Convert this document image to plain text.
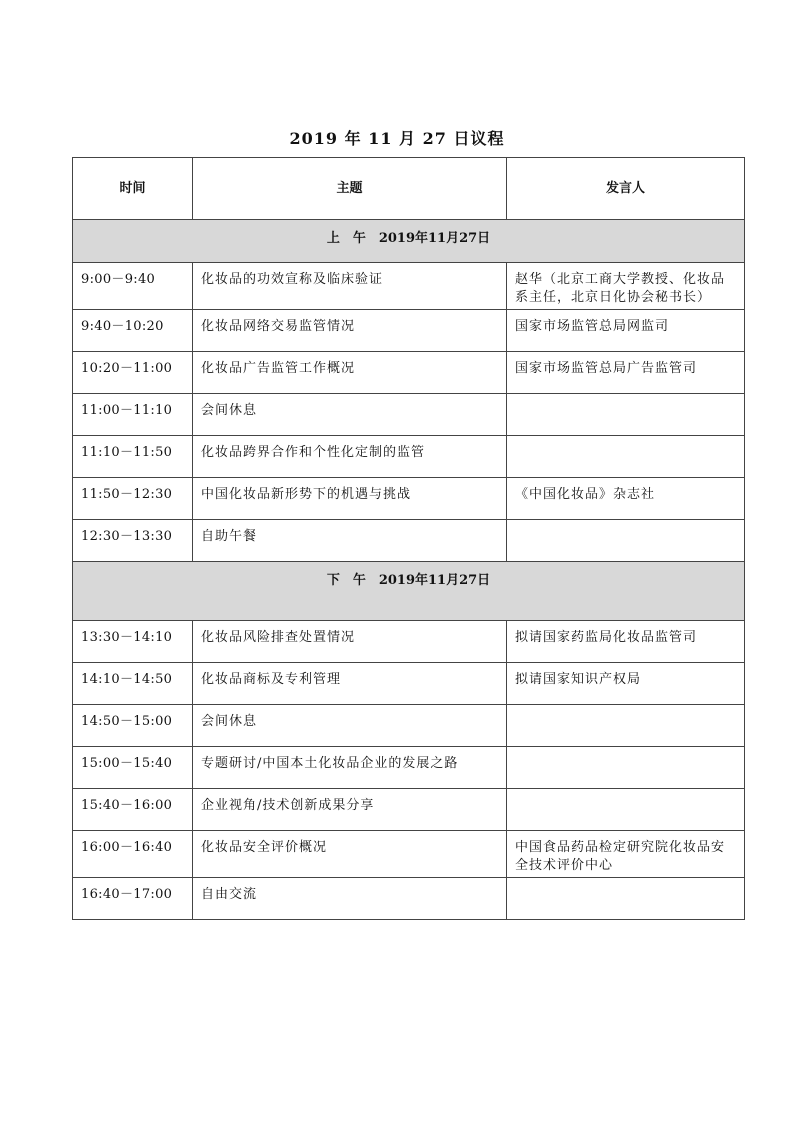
2019 年 11 月 27 日议程
时间	主题	发言人
上　午　2019年11月27日		
9:00－9:40	化妆品的功效宣称及临床验证	赵华（北京工商大学教授、化妆品系主任，北京日化协会秘书长）
9:40－10:20	化妆品网络交易监管情况	国家市场监管总局网监司
10:20－11:00	化妆品广告监管工作概况	国家市场监管总局广告监管司
11:00－11:10	会间休息	
11:10－11:50	化妆品跨界合作和个性化定制的监管	
11:50－12:30	中国化妆品新形势下的机遇与挑战	《中国化妆品》杂志社
12:30－13:30	自助午餐	
下　午　2019年11月27日		
13:30－14:10	化妆品风险排查处置情况	拟请国家药监局化妆品监管司
14:10－14:50	化妆品商标及专利管理	拟请国家知识产权局
14:50－15:00	会间休息	
15:00－15:40	专题研讨/中国本土化妆品企业的发展之路	
15:40－16:00	企业视角/技术创新成果分享	
16:00－16:40	化妆品安全评价概况	中国食品药品检定研究院化妆品安全技术评价中心
16:40－17:00	自由交流	
